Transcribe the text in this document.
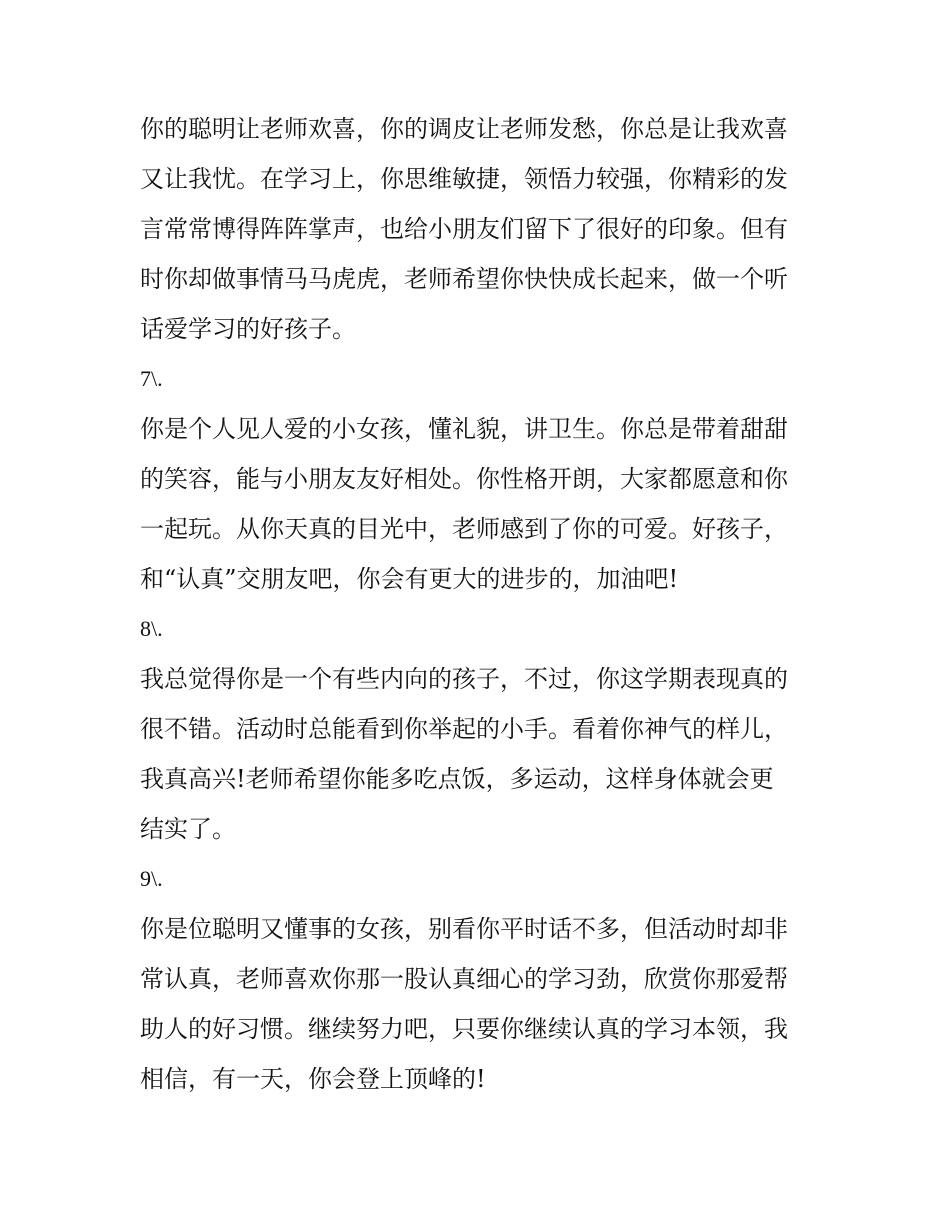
你的聪明让老师欢喜，你的调皮让老师发愁，你总是让我欢喜
又让我忧。在学习上，你思维敏捷，领悟力较强，你精彩的发
言常常博得阵阵掌声，也给小朋友们留下了很好的印象。但有
时你却做事情马马虎虎，老师希望你快快成长起来，做一个听
话爱学习的好孩子。
7\.
你是个人见人爱的小女孩，懂礼貌，讲卫生。你总是带着甜甜
的笑容，能与小朋友友好相处。你性格开朗，大家都愿意和你
一起玩。从你天真的目光中，老师感到了你的可爱。好孩子，
和“认真”交朋友吧，你会有更大的进步的，加油吧!
8\.
我总觉得你是一个有些内向的孩子，不过，你这学期表现真的
很不错。活动时总能看到你举起的小手。看着你神气的样儿，
我真高兴!老师希望你能多吃点饭，多运动，这样身体就会更
结实了。
9\.
你是位聪明又懂事的女孩，别看你平时话不多，但活动时却非
常认真，老师喜欢你那一股认真细心的学习劲，欣赏你那爱帮
助人的好习惯。继续努力吧，只要你继续认真的学习本领，我
相信，有一天，你会登上顶峰的!
